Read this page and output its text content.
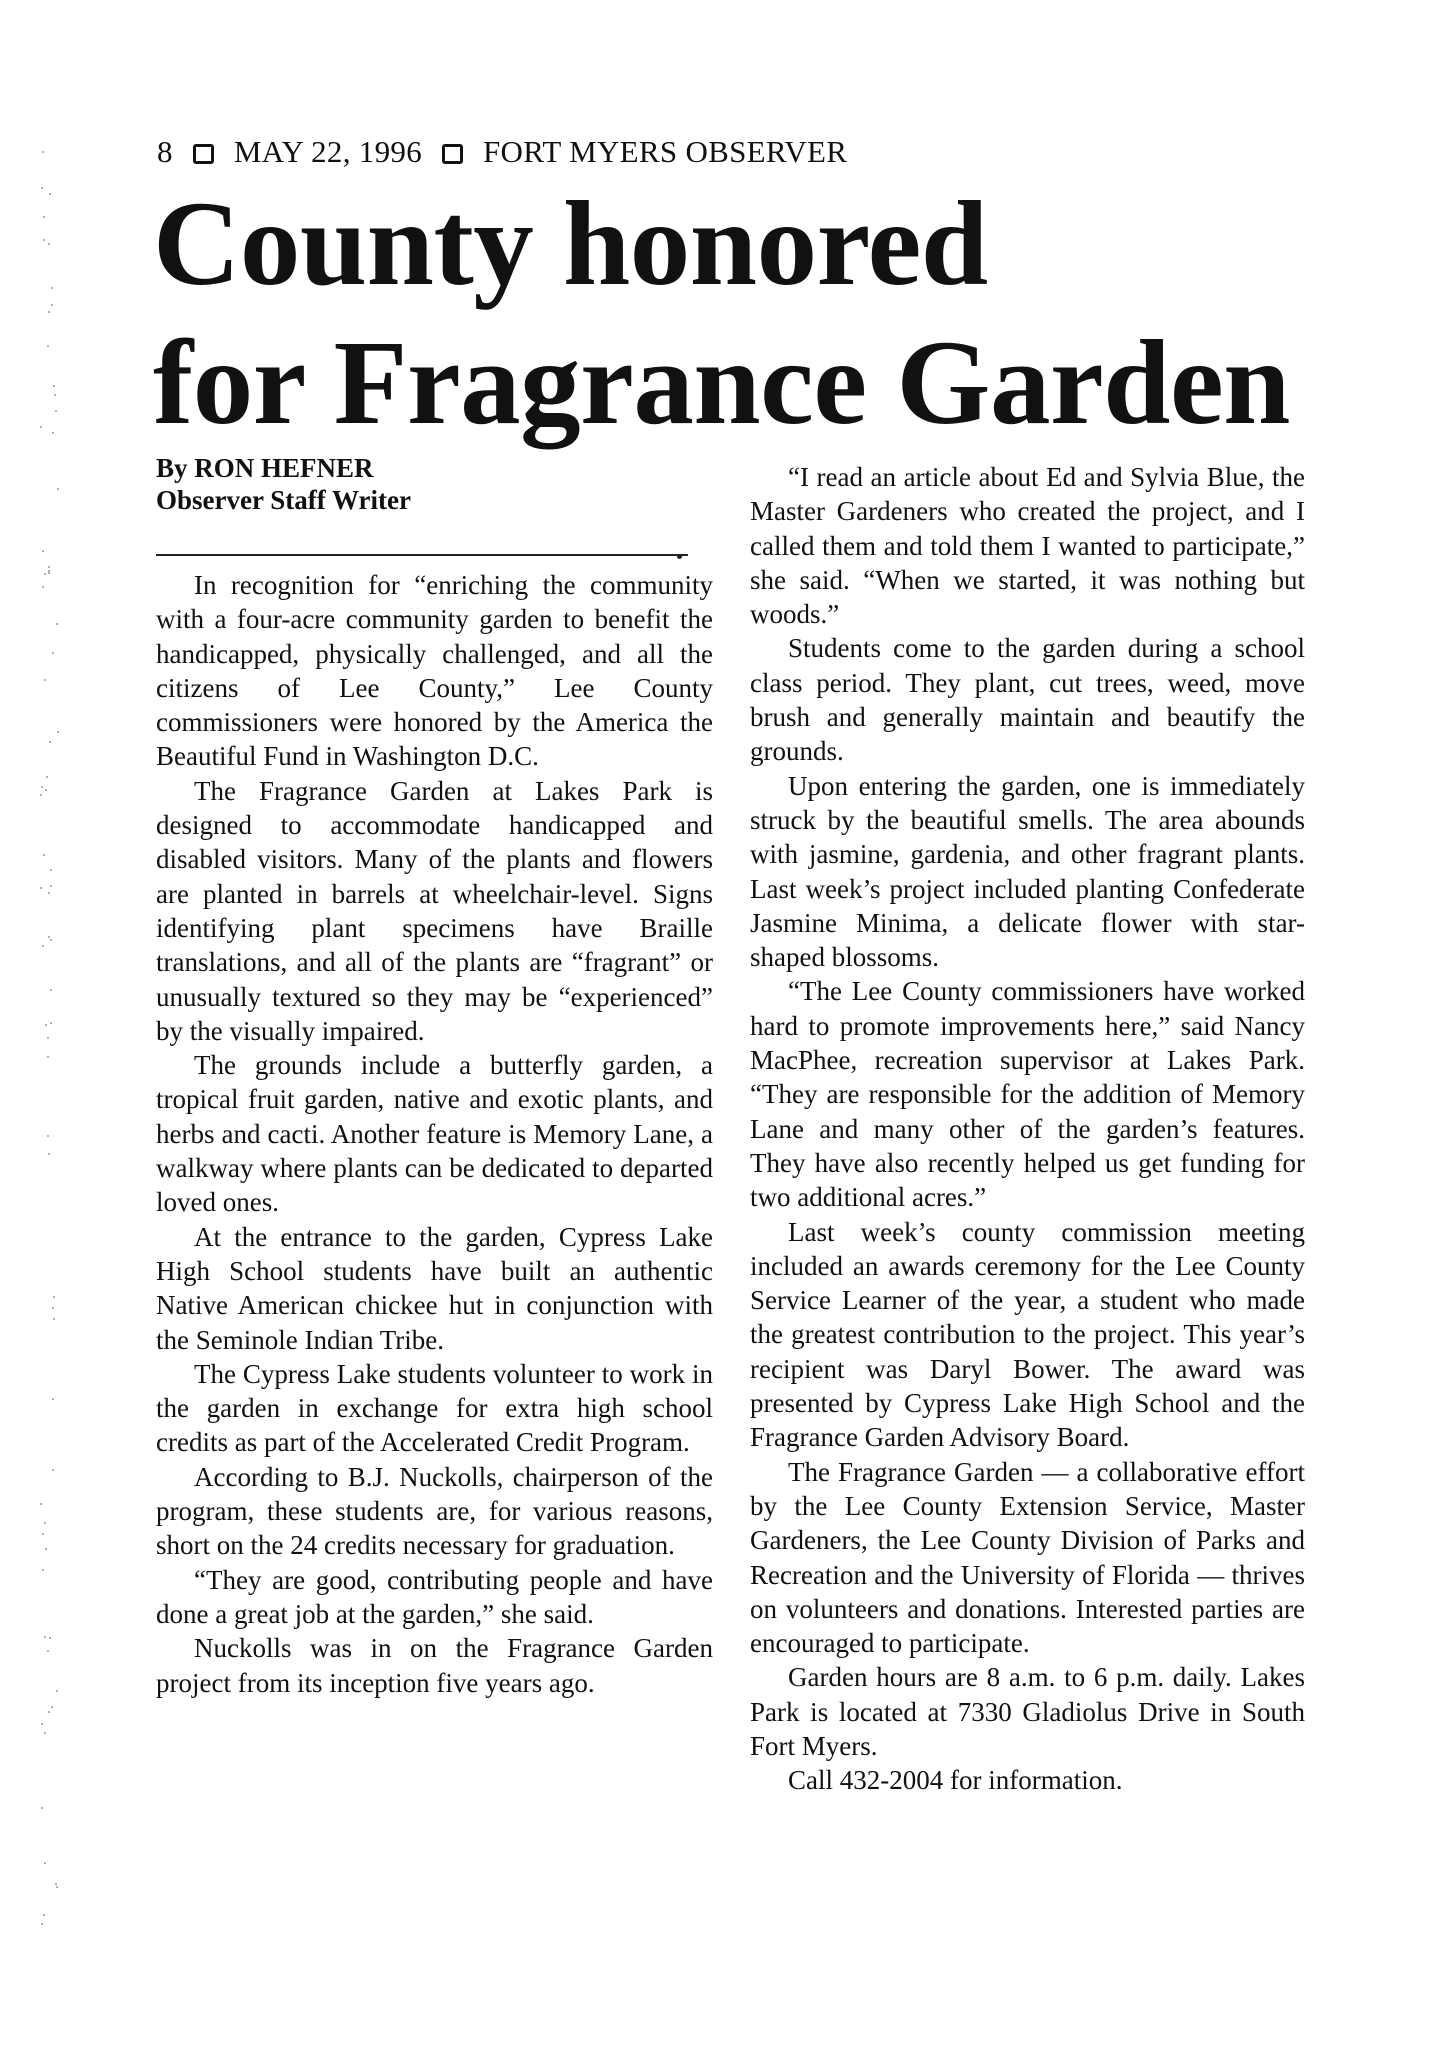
8 MAY 22, 1996 FORT MYERS OBSERVER
County honored
for Fragrance Garden

By RON HEFNER

Observer Staff Writer

In recognition for “enriching the community with a four-acre community garden to benefit the handicapped, physically challenged, and all the citizens of Lee County,” Lee County commissioners were honored by the America the Beautiful Fund in Washington D.C.

The Fragrance Garden at Lakes Park is designed to accommodate handicapped and disabled visitors. Many of the plants and flowers are planted in barrels at wheelchair-level. Signs identifying plant specimens have Braille translations, and all of the plants are “fragrant” or unusually textured so they may be “experienced” by the visually impaired.

The grounds include a butterfly garden, a tropical fruit garden, native and exotic plants, and herbs and cacti. Another feature is Memory Lane, a walkway where plants can be dedicated to departed loved ones.

At the entrance to the garden, Cypress Lake High School students have built an authentic Native American chickee hut in conjunction with the Seminole Indian Tribe.

The Cypress Lake students volunteer to work in the garden in exchange for extra high school credits as part of the Accelerated Credit Program.

According to B.J. Nuckolls, chairperson of the program, these students are, for various reasons, short on the 24 credits necessary for graduation.

“They are good, contributing people and have done a great job at the garden,” she said.

Nuckolls was in on the Fragrance Garden project from its inception five years ago.

“I read an article about Ed and Sylvia Blue, the Master Gardeners who created the project, and I called them and told them I wanted to participate,” she said. “When we started, it was nothing but woods.”

Students come to the garden during a school class period. They plant, cut trees, weed, move brush and generally maintain and beautify the grounds.

Upon entering the garden, one is immediately struck by the beautiful smells. The area abounds with jasmine, gardenia, and other fragrant plants. Last week’s project included planting Confederate Jasmine Minima, a delicate flower with star-shaped blossoms.

“The Lee County commissioners have worked hard to promote improvements here,” said Nancy MacPhee, recreation supervisor at Lakes Park. “They are responsible for the addition of Memory Lane and many other of the garden’s features. They have also recently helped us get funding for two additional acres.”

Last week’s county commission meeting included an awards ceremony for the Lee County Service Learner of the year, a student who made the greatest contribution to the project. This year’s recipient was Daryl Bower. The award was presented by Cypress Lake High School and the Fragrance Garden Advisory Board.

The Fragrance Garden — a collaborative effort by the Lee County Extension Service, Master Gardeners, the Lee County Division of Parks and Recreation and the University of Florida — thrives on volunteers and donations. Interested parties are encouraged to participate.

Garden hours are 8 a.m. to 6 p.m. daily. Lakes Park is located at 7330 Gladiolus Drive in South Fort Myers.

Call 432-2004 for information.
